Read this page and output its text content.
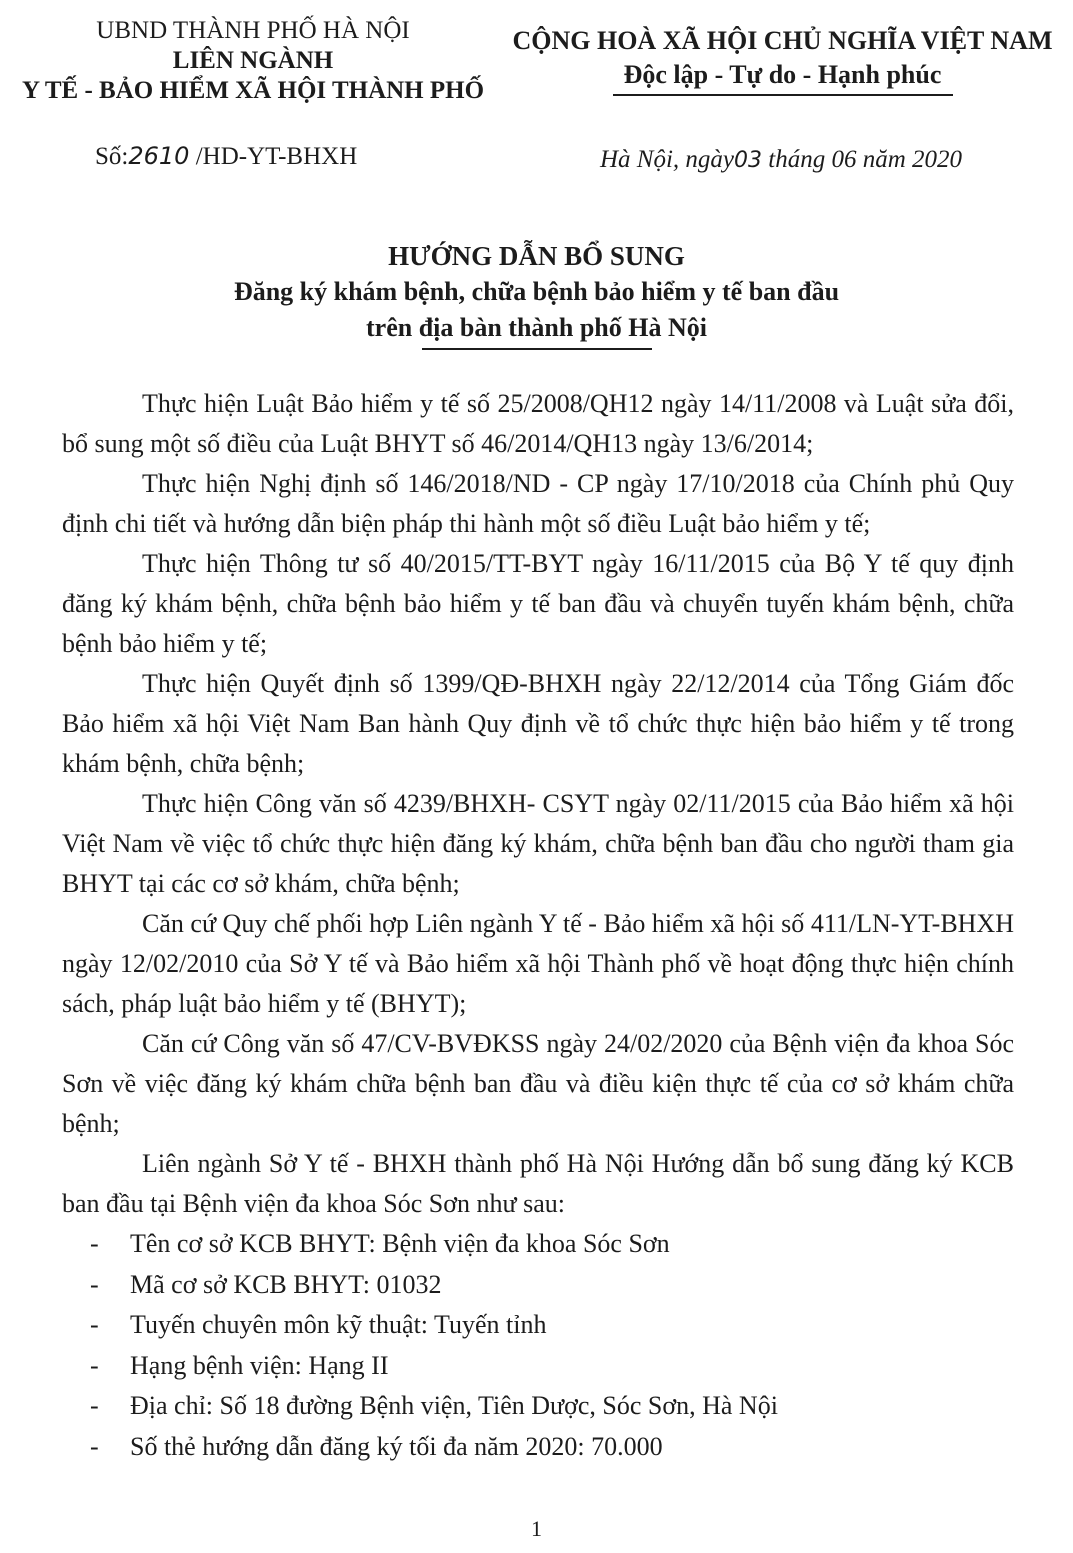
UBND THÀNH PHỐ HÀ NỘI
LIÊN NGÀNH
Y TẾ - BẢO HIỂM XÃ HỘI THÀNH PHỐ
CỘNG HOÀ XÃ HỘI CHỦ NGHĨA VIỆT NAM
Độc lập - Tự do - Hạnh phúc
Số:2610 /HD-YT-BHXH	Hà Nội, ngày03 tháng 06 năm 2020
HƯỚNG DẪN BỔ SUNG
Đăng ký khám bệnh, chữa bệnh bảo hiểm y tế ban đầu
trên địa bàn thành phố Hà Nội

Thực hiện Luật Bảo hiểm y tế số 25/2008/QH12 ngày 14/11/2008 và Luật sửa đổi, bổ sung một số điều của Luật BHYT số 46/2014/QH13 ngày 13/6/2014;

Thực hiện Nghị định số 146/2018/ND - CP ngày 17/10/2018 của Chính phủ Quy định chi tiết và hướng dẫn biện pháp thi hành một số điều Luật bảo hiểm y tế;

Thực hiện Thông tư số 40/2015/TT-BYT ngày 16/11/2015 của Bộ Y tế quy định đăng ký khám bệnh, chữa bệnh bảo hiểm y tế ban đầu và chuyển tuyến khám bệnh, chữa bệnh bảo hiểm y tế;

Thực hiện Quyết định số 1399/QĐ-BHXH ngày 22/12/2014 của Tổng Giám đốc Bảo hiểm xã hội Việt Nam Ban hành Quy định về tổ chức thực hiện bảo hiểm y tế trong khám bệnh, chữa bệnh;

Thực hiện Công văn số 4239/BHXH- CSYT ngày 02/11/2015 của Bảo hiểm xã hội Việt Nam về việc tổ chức thực hiện đăng ký khám, chữa bệnh ban đầu cho người tham gia BHYT tại các cơ sở khám, chữa bệnh;

Căn cứ Quy chế phối hợp Liên ngành Y tế - Bảo hiểm xã hội số 411/LN-YT-BHXH ngày 12/02/2010 của Sở Y tế và Bảo hiểm xã hội Thành phố về hoạt động thực hiện chính sách, pháp luật bảo hiểm y tế (BHYT);

Căn cứ Công văn số 47/CV-BVĐKSS ngày 24/02/2020 của Bệnh viện đa khoa Sóc Sơn về việc đăng ký khám chữa bệnh ban đầu và điều kiện thực tế của cơ sở khám chữa bệnh;

Liên ngành Sở Y tế - BHXH thành phố Hà Nội Hướng dẫn bổ sung đăng ký KCB ban đầu tại Bệnh viện đa khoa Sóc Sơn như sau:

- Tên cơ sở KCB BHYT: Bệnh viện đa khoa Sóc Sơn
- Mã cơ sở KCB BHYT: 01032
- Tuyến chuyên môn kỹ thuật: Tuyến tỉnh
- Hạng bệnh viện: Hạng II
- Địa chỉ: Số 18 đường Bệnh viện, Tiên Dược, Sóc Sơn, Hà Nội
- Số thẻ hướng dẫn đăng ký tối đa năm 2020: 70.000
1
